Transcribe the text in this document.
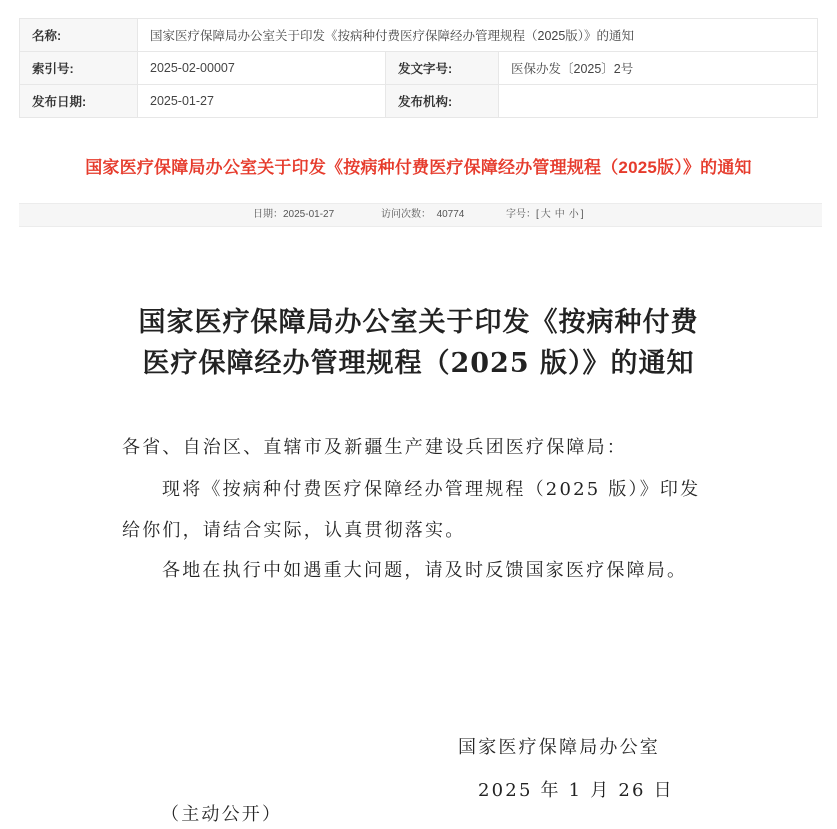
名称:	国家医疗保障局办公室关于印发《按病种付费医疗保障经办管理规程（2025版）》的通知		
索引号:	2025-02-00007	发文字号:	医保办发〔2025〕2号
发布日期:	2025-01-27	发布机构:	
国家医疗保障局办公室关于印发《按病种付费医疗保障经办管理规程（2025版）》的通知
日期：2025-01-27	访问次数： 40774	字号：[ 大 中 小 ]
国家医疗保障局办公室关于印发《按病种付费
医疗保障经办管理规程（2025 版）》的通知
各省、自治区、直辖市及新疆生产建设兵团医疗保障局：
现将《按病种付费医疗保障经办管理规程（2025 版）》印发
给你们，请结合实际，认真贯彻落实。
各地在执行中如遇重大问题，请及时反馈国家医疗保障局。
国家医疗保障局办公室
2025 年 1 月 26 日
（主动公开）
